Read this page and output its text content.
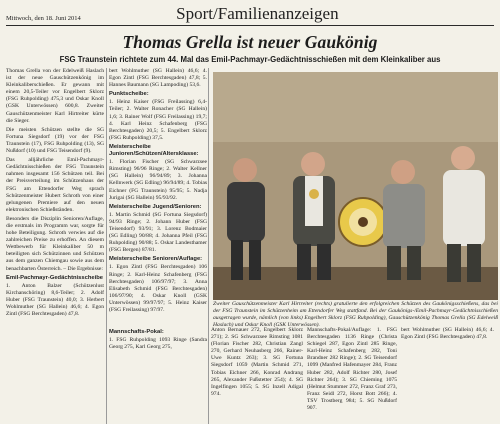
Mittwoch, den 18. Juni 2014	Sport/Familienanzeigen
Thomas Grella ist neuer Gaukönig
FSG Traunstein richtete zum 44. Mal das Emil-Pachmayr-Gedächtnisschießen mit dem Kleinkaliber aus

Thomas Grella von der Edelweiß Haslach ist der neue Gauschützenkönig im Kleinkaliberschießen. Er gewann mit einem 20,5-Teiler vor Engelbert Sklorz (FSG Ruhpolding) 475,3 und Oskar Knoll (GSK Unterwössen) 600,8. Zweiter Gauschützenmeister Karl Hirtreiter kürte die Sieger.

Die meisten Schützen stellte die SG Fortuna Siegsdorf (19) vor der FSG Traunstein (17), FSG Ruhpolding (13), SG Nußdorf (10) und FSG Teisendorf (9).

Das alljährliche Emil-Pachmayr-Gedächtnisschießen der FSG Traunstein nahmen insgesamt 156 Schützen teil. Bei der Preisverteilung im Schützenhaus der FSG am Ettendorfer Weg sprach Schützenmeister Hubert Schroth von einer gelungenen Premiere auf den neuen elektronischen Schießständen.

Besonders die Disziplin Senioren/Auflage, die erstmals im Programm war, sorgte für hohe Beteiligung. Schroth verwies auf die zahlreichen Preise zu erhoffen. An diesem Wettbewerb für Kleinkaliber 50 m beteiligten sich Schützinnen und Schützen aus dem ganzen Chiemgau sowie aus dem benachbarten Österreich. – Die Ergebnisse:

Emil-Pachmayr-Gedächtnisscheibe

1. Anton Balzer (Schützenlust Kirchanschöring) 8,6-Teiler; 2. Adolf Huber (FSG Traunstein) 40,0; 3. Herbert Wohlmuther (SG Hallein) 46,6; 4. Egon Zintl (FSG Berchtesgaden) 47,8.

bert Wohlmuther (SG Hallein) 46,6; 4. Egon Zintl (FSG Berchtesgaden) 47,8; 5. Hannes Baumann (SG Lampoding) 53,6.

Punktscheibe:

1. Heinz Kaiser (FSG Freilassing) 6,4-Teiler; 2. Walter Ronacher (SG Hallein) 1,6; 3. Rainer Wolf (FSG Freilassing) 19,7; 4. Karl Heinz Schafenberg (FSG Berchtesgaden) 20,5; 5. Engelbert Sklorz (FSG Ruhpolding) 37,5.

Meisterscheibe Junioren/Schützen/Altersklasse:

1. Florian Fischer (SG Schwarzsee Rimsting) 96/96 Ringe; 2. Walter Kellner (SG Hallein) 96/94/89; 3. Johanna Kellnwerk (SG Edling) 96/94/89; 4. Tobias Eichner (FG Traunstein) 95/95; 5. Nadja Jurigai (SG Hallein) 95/93/92.

Meisterscheibe Jugend/Senioren:

1. Martin Schmid (SG Fortuna Siegsdorf) 94/93 Ringe; 2. Johann Huber (FSG Teisendorf) 93/91; 3. Lorenz Bodmaier (SG Edling) 90/88; 4. Johanna Pfeil (FSG Ruhpolding) 90/88; 5. Oskar Landesthamer (FSG Bergen) 87/81.

Meisterscheibe Senioren/Auflage:

1. Egon Zintl (FSG Berchtesgaden) 106 Ringe; 2. Karl-Heinz Schafenberg (FSG Berchtesgaden) 106/97/97; 3. Anna Elisabeth Schmid (FSG Berchtesgaden) 106/97/90; 4. Oskar Knoll (GSK Unterwössen) 99/97/97; 5. Heinz Kaiser (FSG Freilassing) 97/97.

Zweiter Gauschützenmeister Karl Hirtreiter (rechts) gratulierte den erfolgreichen Schützen des Gaukönigsschießens, das bei der FSG Traunstein im Schützenheim am Ettendorfer Weg stattfand. Bei der Gaukönigs-/Emil-Pachmayr-Gedächtnisschießen ausgetragen wurde, nämlich (von links) Engelbert Sklorz (FSG Ruhpolding), Gauschützenkönig Thomas Grella (SG Edelweiß Haslach) und Oskar Knoll (GSK Unterwössen).
Mannschafts-Pokal:

1. FSG Ruhpolding 1093 Ringe (Sandra Georg 275, Karl Georg 275,

Anton Bernauer 272, Engelbert Sklorz 271); 2. SG Schwarzsee Rimsting 1081 (Florian Fischer 282, Christian Zangl 270, Gerhard Neuhasberg 266, Rainer-Uwe Kuntz 263); 3. SG Fortuna Siegsdorf 1059 (Martin Schmid 271, Tobias Eichner 266, Konrad Andrang 265, Alexander Fußstetter 254); 4. SG Ingelfingen 1055; 5. SG Inzell Adigal 974.

Mannschafts-Pokal/Auflage: 1. FSG Berchtesgaden 1136 Ringe (Christa Schiegel 287, Egon Zintl 285 Ringe, Karl-Heinz Schafenberg 282, Toni Brandner 282 Ringe); 2. SG Teisendorf 1099 (Manfred Hafenmayer 284, Franz Huber 282, Adolf Richter 280, Josef Richter 264); 3. SG Chieming 1075 (Helmut Stummer 272, Franz Graf 273, Franz Seidl 272, Horst Bott 266); 4. TSV Trostberg 984; 5. SG Nußdorf 907.

bert Wohlmuther (SG Hallein) 46,6; 4. Egon Zintl (FSG Berchtesgaden) 47,8.
